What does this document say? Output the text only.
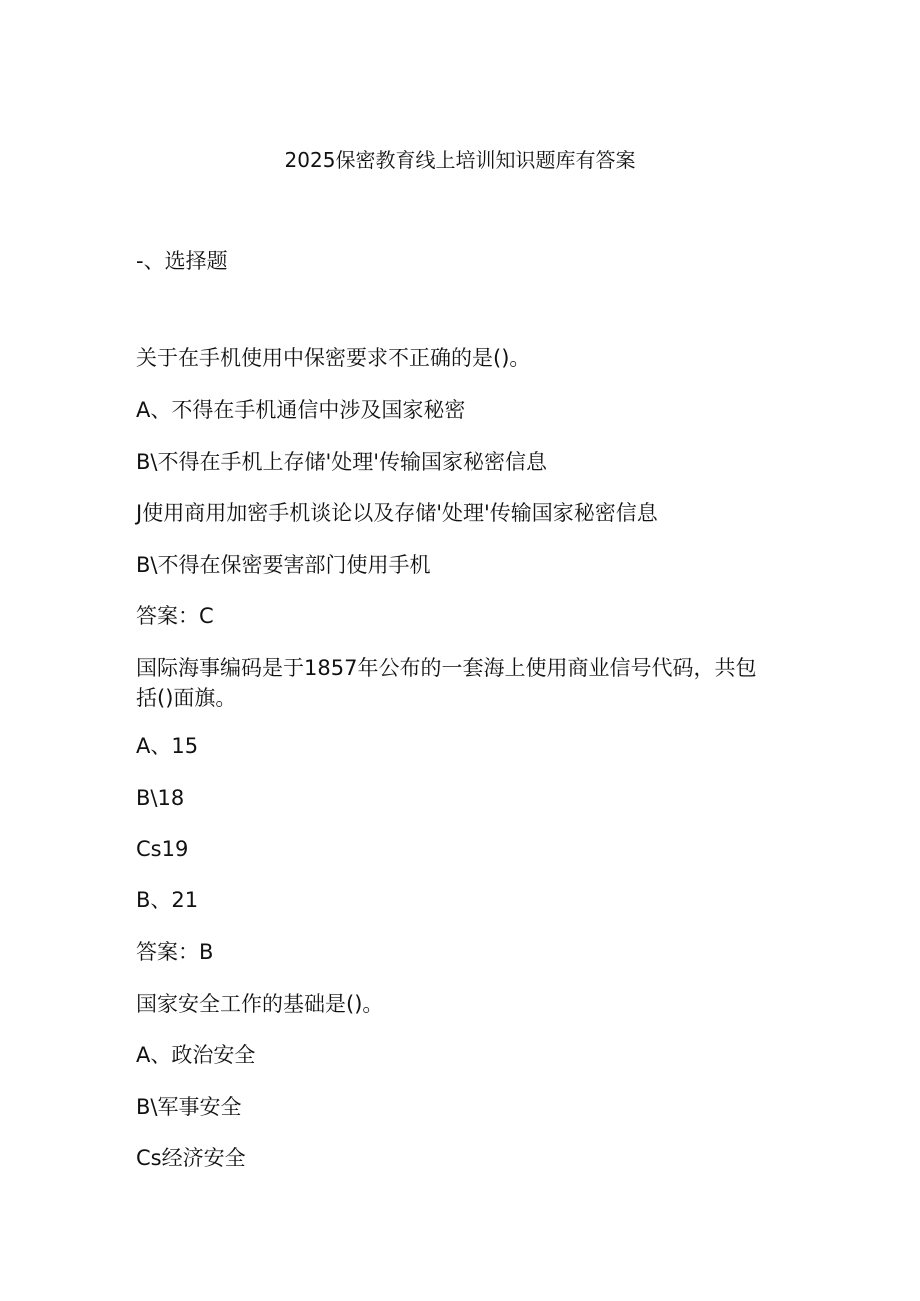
2025保密教育线上培训知识题库有答案
-、选择题
关于在手机使用中保密要求不正确的是()。
A、不得在手机通信中涉及国家秘密
B\不得在手机上存储'处理'传输国家秘密信息
J使用商用加密手机谈论以及存储'处理'传输国家秘密信息
B\不得在保密要害部门使用手机
答案：C
国际海事编码是于1857年公布的一套海上使用商业信号代码，共包括()面旗。
A、15
B\18
Cs19
B、21
答案：B
国家安全工作的基础是()。
A、政治安全
B\军事安全
Cs经济安全
